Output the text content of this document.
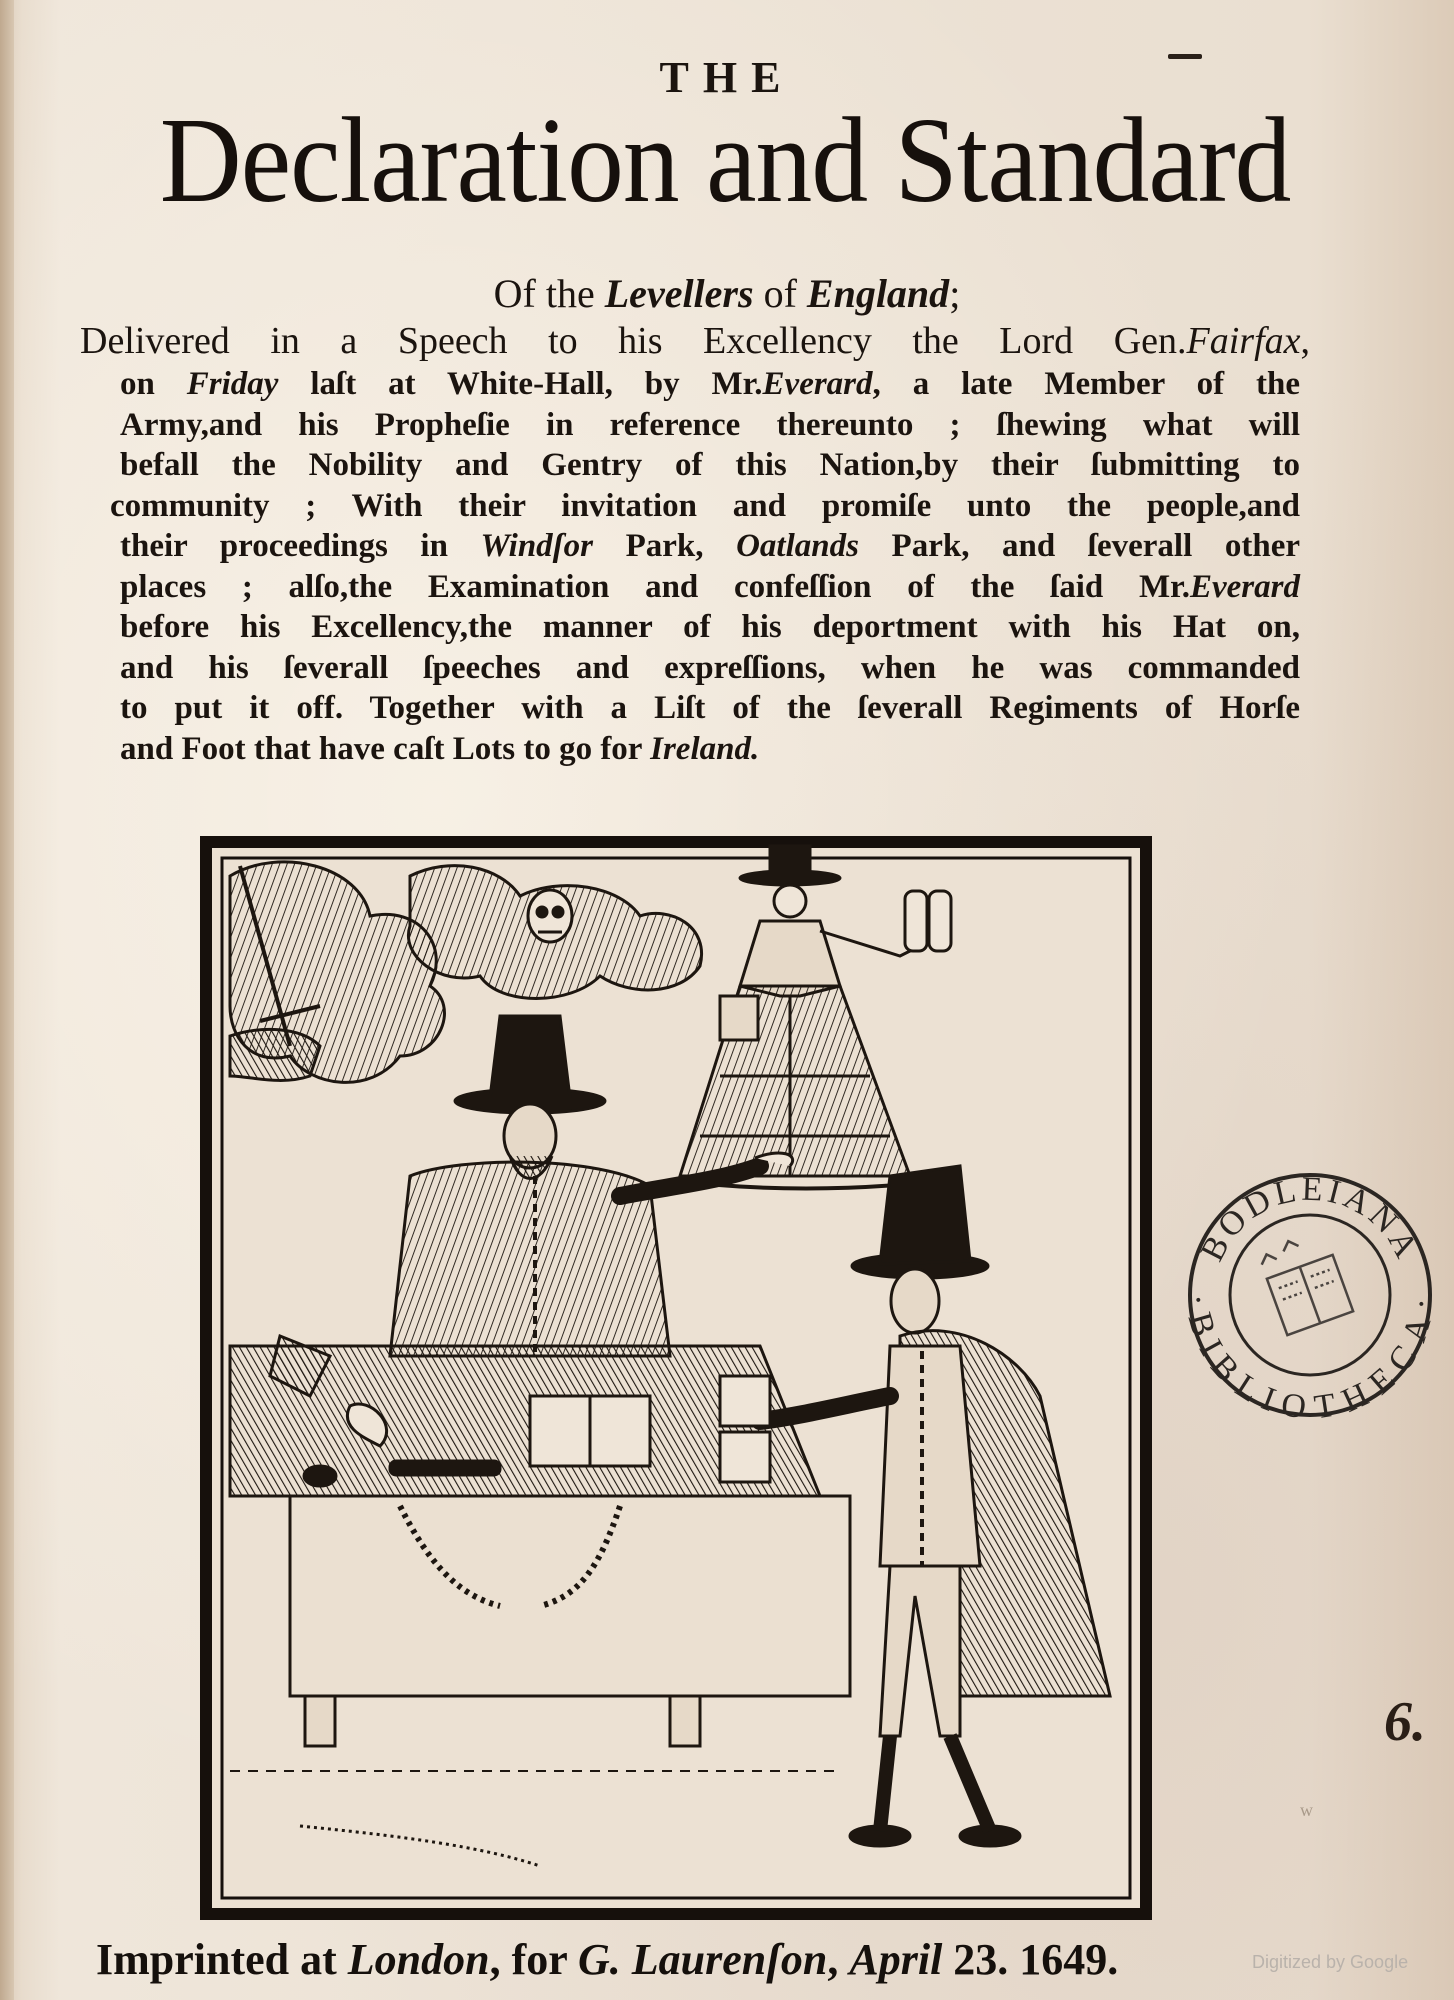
THE
Declaration and Standard
Of the Levellers of England;
Delivered in a Speech to his Excellency the Lord Gen.Fairfax,
on Friday laſt at White-Hall, by Mr.Everard, a late Member of the
Army,and his Propheſie in reference thereunto ; ſhewing what will
befall the Nobility and Gentry of this Nation,by their ſubmitting to
community ; With their invitation and promiſe unto the people,and
their proceedings in Windſor Park, Oatlands Park, and ſeverall other
places ; alſo,the Examination and confeſſion of the ſaid Mr.Everard
before his Excellency,the manner of his deportment with his Hat on,
and his ſeverall ſpeeches and expreſſions, when he was commanded
to put it off. Together with a Liſt of the ſeverall Regiments of Horſe
and Foot that have caſt Lots to go for Ireland.
BODLEIANA
·BIBLIOTHECA·
6.
w
Imprinted at London, for G. Laurenſon, April 23. 1649.	Digitized by Google
